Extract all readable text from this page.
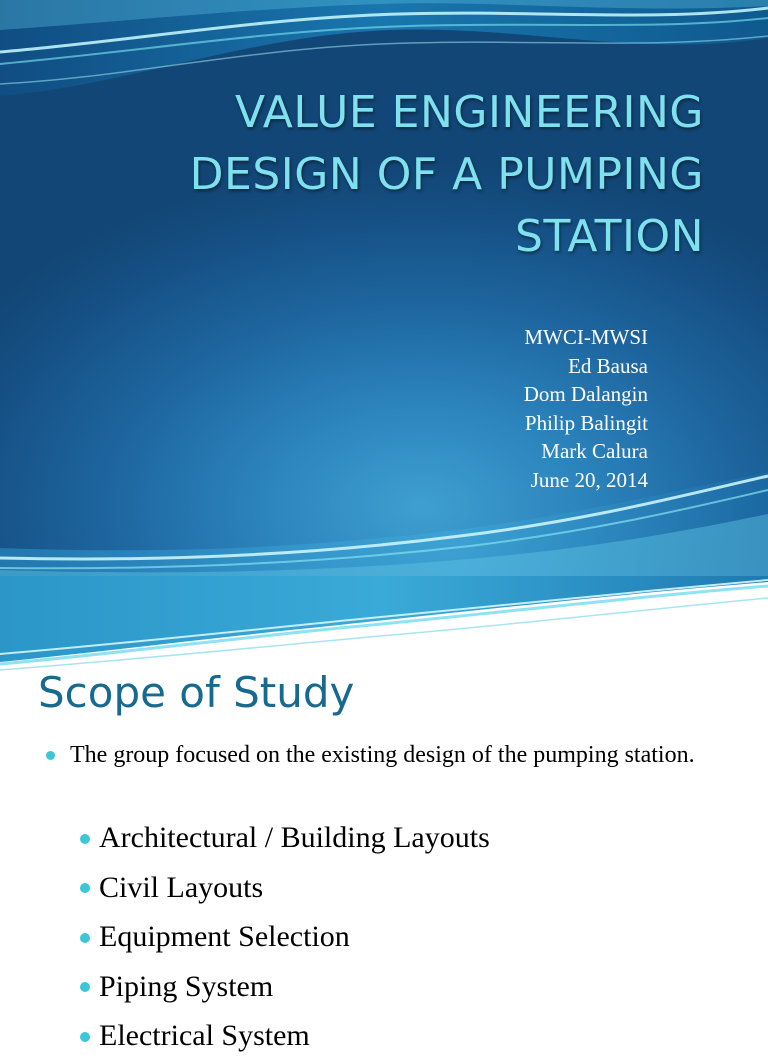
VALUE ENGINEERING
DESIGN OF A PUMPING
STATION
MWCI-MWSI
Ed Bausa
Dom Dalangin
Philip Balingit
Mark Calura
June 20, 2014
Scope of Study
The group focused on the existing design of the pumping station.
Architectural / Building Layouts
Civil Layouts
Equipment Selection
Piping System
Electrical System
